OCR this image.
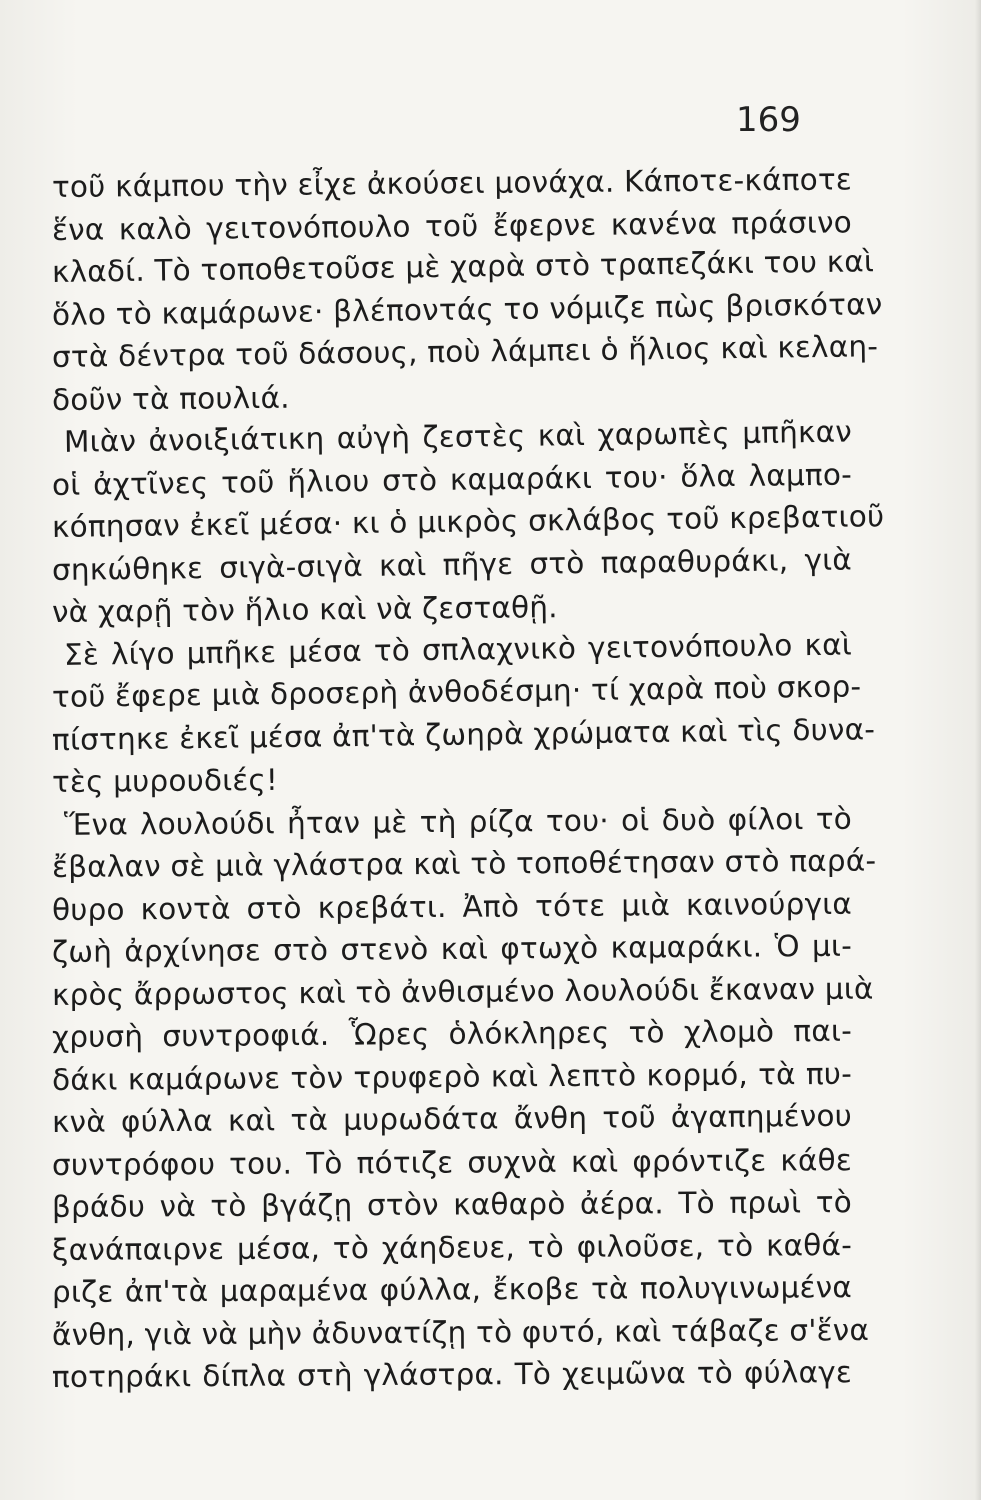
169
τοῦ κάμπου τὴν εἶχε ἀκούσει μονάχα. Κάποτε-κάποτε
ἕνα καλὸ γειτονόπουλο τοῦ ἔφερνε κανένα πράσινο
κλαδί. Τὸ τοποθετοῦσε μὲ χαρὰ στὸ τραπεζάκι του καὶ
ὅλο τὸ καμάρωνε· βλέποντάς το νόμιζε πὼς βρισκόταν
στὰ δέντρα τοῦ δάσους, ποὺ λάμπει ὁ ἥλιος καὶ κελαη-
δοῦν τὰ πουλιά.
Μιὰν ἀνοιξιάτικη αὐγὴ ζεστὲς καὶ χαρωπὲς μπῆκαν
οἱ ἀχτῖνες τοῦ ἥλιου στὸ καμαράκι του· ὅλα λαμπο-
κόπησαν ἐκεῖ μέσα· κι ὁ μικρὸς σκλάβος τοῦ κρεβατιοῦ
σηκώθηκε σιγὰ-σιγὰ καὶ πῆγε στὸ παραθυράκι, γιὰ
νὰ χαρῇ τὸν ἥλιο καὶ νὰ ζεσταθῇ.
Σὲ λίγο μπῆκε μέσα τὸ σπλαχνικὸ γειτονόπουλο καὶ
τοῦ ἔφερε μιὰ δροσερὴ ἀνθοδέσμη· τί χαρὰ ποὺ σκορ-
πίστηκε ἐκεῖ μέσα ἀπ'τὰ ζωηρὰ χρώματα καὶ τὶς δυνα-
τὲς μυρουδιές!
Ἕνα λουλούδι ἦταν μὲ τὴ ρίζα του· οἱ δυὸ φίλοι τὸ
ἔβαλαν σὲ μιὰ γλάστρα καὶ τὸ τοποθέτησαν στὸ παρά-
θυρο κοντὰ στὸ κρεβάτι. Ἀπὸ τότε μιὰ καινούργια
ζωὴ ἀρχίνησε στὸ στενὸ καὶ φτωχὸ καμαράκι. Ὁ μι-
κρὸς ἄρρωστος καὶ τὸ ἀνθισμένο λουλούδι ἔκαναν μιὰ
χρυσὴ συντροφιά. Ὧρες ὁλόκληρες τὸ χλομὸ παι-
δάκι καμάρωνε τὸν τρυφερὸ καὶ λεπτὸ κορμό, τὰ πυ-
κνὰ φύλλα καὶ τὰ μυρωδάτα ἄνθη τοῦ ἀγαπημένου
συντρόφου του. Τὸ πότιζε συχνὰ καὶ φρόντιζε κάθε
βράδυ νὰ τὸ βγάζῃ στὸν καθαρὸ ἀέρα. Τὸ πρωὶ τὸ
ξανάπαιρνε μέσα, τὸ χάηδευε, τὸ φιλοῦσε, τὸ καθά-
ριζε ἀπ'τὰ μαραμένα φύλλα, ἔκοβε τὰ πολυγινωμένα
ἄνθη, γιὰ νὰ μὴν ἀδυνατίζῃ τὸ φυτό, καὶ τάβαζε σ'ἕνα
ποτηράκι δίπλα στὴ γλάστρα. Τὸ χειμῶνα τὸ φύλαγε
